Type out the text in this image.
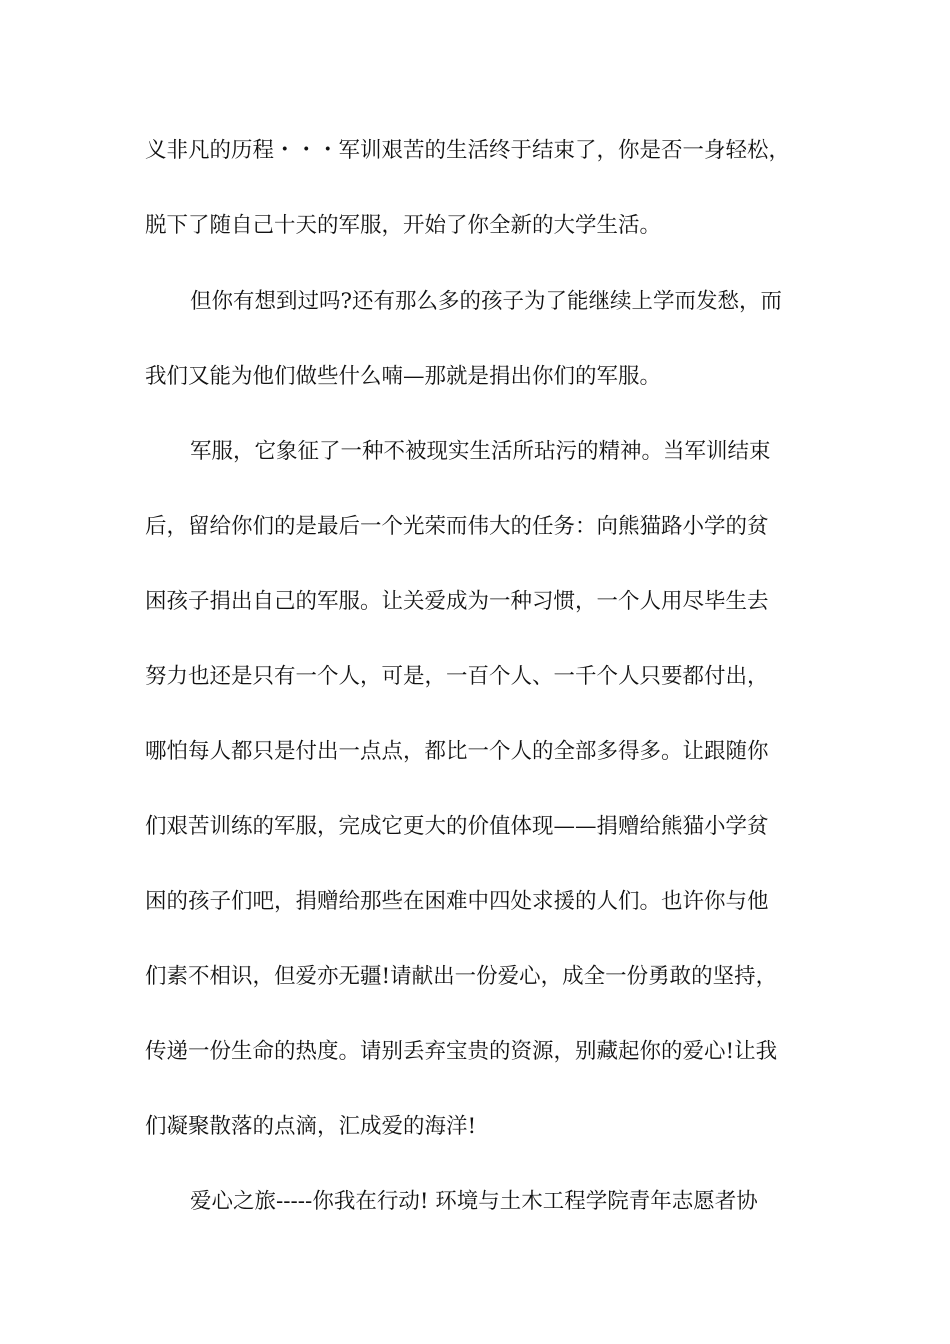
义非凡的历程・・・军训艰苦的生活终于结束了，你是否一身轻松，
脱下了随自己十天的军服，开始了你全新的大学生活。
但你有想到过吗?还有那么多的孩子为了能继续上学而发愁，而
我们又能为他们做些什么喃—那就是捐出你们的军服。
军服，它象征了一种不被现实生活所玷污的精神。当军训结束
后，留给你们的是最后一个光荣而伟大的任务：向熊猫路小学的贫
困孩子捐出自己的军服。让关爱成为一种习惯，一个人用尽毕生去
努力也还是只有一个人，可是，一百个人、一千个人只要都付出，
哪怕每人都只是付出一点点，都比一个人的全部多得多。让跟随你
们艰苦训练的军服，完成它更大的价值体现——捐赠给熊猫小学贫
困的孩子们吧，捐赠给那些在困难中四处求援的人们。也许你与他
们素不相识，但爱亦无疆!请献出一份爱心，成全一份勇敢的坚持，
传递一份生命的热度。请别丢弃宝贵的资源，别藏起你的爱心!让我
们凝聚散落的点滴，汇成爱的海洋!
爱心之旅-----你我在行动! 环境与土木工程学院青年志愿者协
